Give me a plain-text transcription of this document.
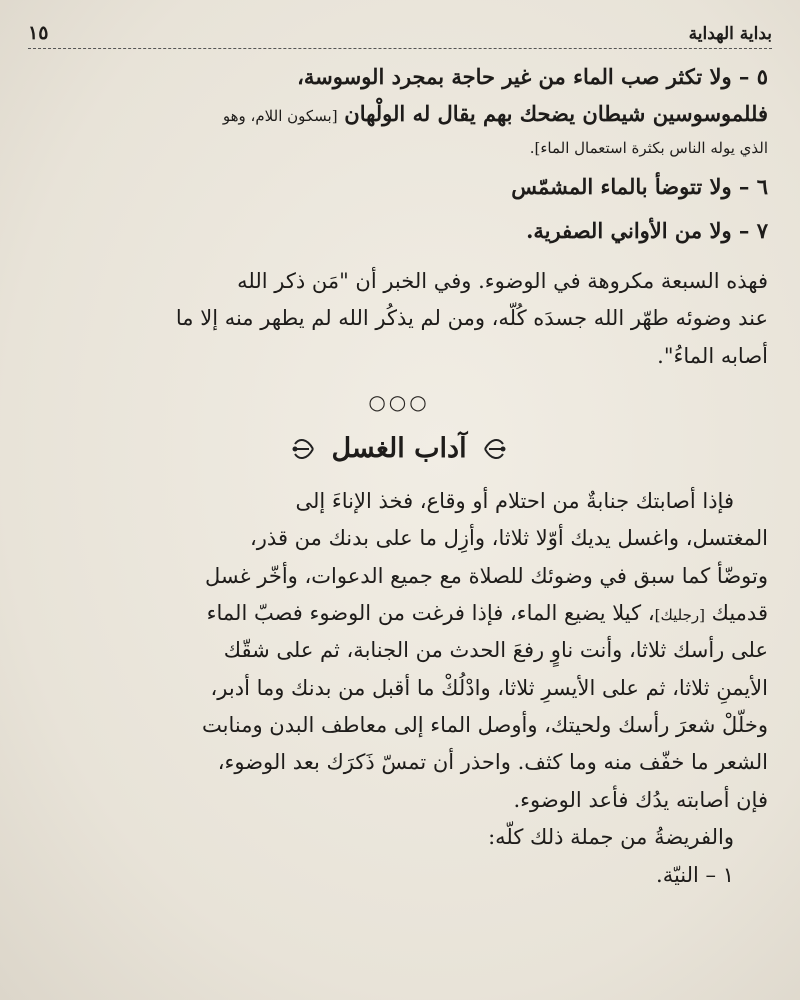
بداية الهداية
١٥

٥ – ولا تكثر صب الماء من غير حاجة بمجرد الوسوسة،

فللموسوسين شيطان يضحك بهم يقال له الولْهان [بسكون اللام، وهو

الذي يوله الناس بكثرة استعمال الماء].

٦ – ولا تتوضأ بالماء المشمّس

٧ – ولا من الأواني الصفرية.

فهذه السبعة مكروهة في الوضوء. وفي الخبر أن "مَن ذكر الله

عند وضوئه طهّر الله جسدَه كُلّه، ومن لم يذكُر الله لم يطهر منه إلا ما

أصابه الماءُ".

○○○
آداب الغسل

فإذا أصابتك جنابةٌ من احتلام أو وقاع، فخذ الإناءَ إلى

المغتسل، واغسل يديك أوّلا ثلاثا، وأزِل ما على بدنك من قذر،

وتوضّأ كما سبق في وضوئك للصلاة مع جميع الدعوات، وأخّر غسل

قدميك [رجليك]، كيلا يضيع الماء، فإذا فرغت من الوضوء فصبّ الماء

على رأسك ثلاثا، وأنت ناوٍ رفعَ الحدث من الجنابة، ثم على شقّك

الأيمنِ ثلاثا، ثم على الأيسرِ ثلاثا، وادْلُكْ ما أقبل من بدنك وما أدبر،

وخلّلْ شعرَ رأسك ولحيتك، وأوصل الماء إلى معاطف البدن ومنابت

الشعر ما خفّف منه وما كثف. واحذر أن تمسّ ذَكرَك بعد الوضوء،

فإن أصابته يدُك فأعد الوضوء.

والفريضةُ من جملة ذلك كلّه:

١ – النيّة.
